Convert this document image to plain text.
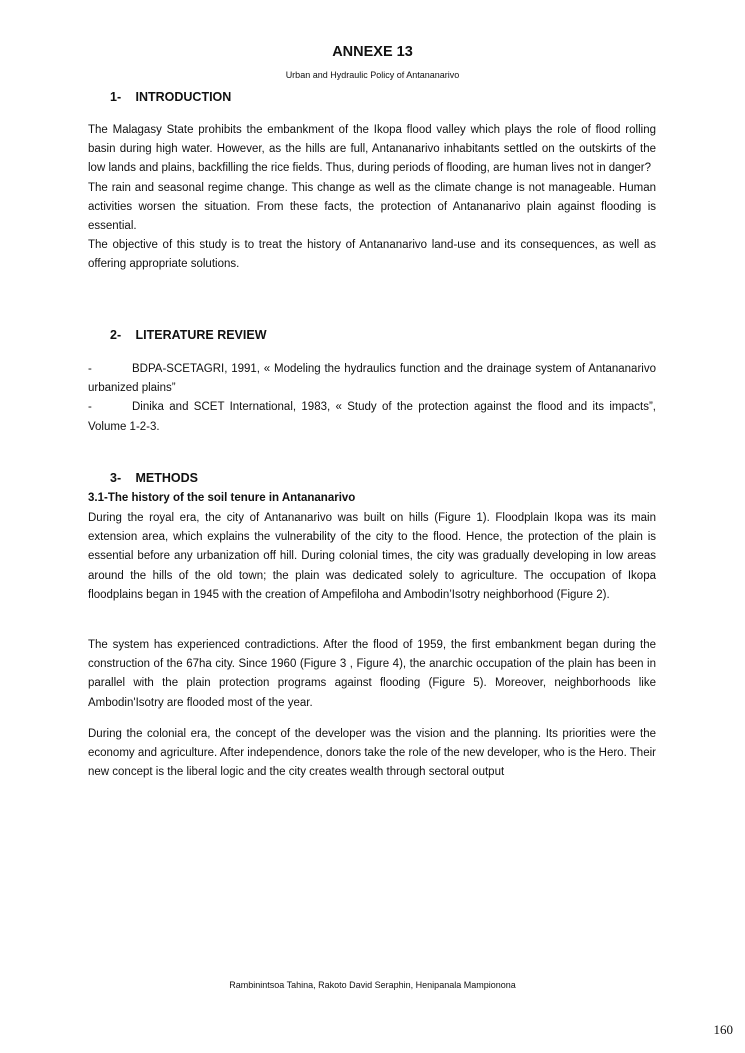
ANNEXE 13
Urban and Hydraulic Policy of Antananarivo
1- INTRODUCTION

The Malagasy State prohibits the embankment of the Ikopa flood valley which plays the role of flood rolling basin during high water. However, as the hills are full, Antananarivo inhabitants settled on the outskirts of the low lands and plains, backfilling the rice fields. Thus, during periods of flooding, are human lives not in danger?

The rain and seasonal regime change. This change as well as the climate change is not manageable. Human activities worsen the situation. From these facts, the protection of Antananarivo plain against flooding is essential.

The objective of this study is to treat the history of Antananarivo land-use and its consequences, as well as offering appropriate solutions.

2- LITERATURE REVIEW

-	BDPA-SCETAGRI, 1991, « Modeling the hydraulics function and the drainage system of Antananarivo urbanized plains”

-	Dinika and SCET International, 1983, « Study of the protection against the flood and its impacts”, Volume 1-2-3.

3- METHODS
3.1-The history of the soil tenure in Antananarivo

During the royal era, the city of Antananarivo was built on hills (Figure 1). Floodplain Ikopa was its main extension area, which explains the vulnerability of the city to the flood. Hence, the protection of the plain is essential before any urbanization off hill. During colonial times, the city was gradually developing in low areas around the hills of the old town; the plain was dedicated solely to agriculture. The occupation of Ikopa floodplains began in 1945 with the creation of Ampefiloha and Ambodin’Isotry neighborhood (Figure 2).

The system has experienced contradictions. After the flood of 1959, the first embankment began during the construction of the 67ha city. Since 1960 (Figure 3 , Figure 4), the anarchic occupation of the plain has been in parallel with the plain protection programs against flooding (Figure 5). Moreover, neighborhoods like Ambodin'Isotry are flooded most of the year.

During the colonial era, the concept of the developer was the vision and the planning. Its priorities were the economy and agriculture. After independence, donors take the role of the new developer, who is the Hero. Their new concept is the liberal logic and the city creates wealth through sectoral output

Rambinintsoa Tahina, Rakoto David Seraphin, Henipanala Mampionona
160
